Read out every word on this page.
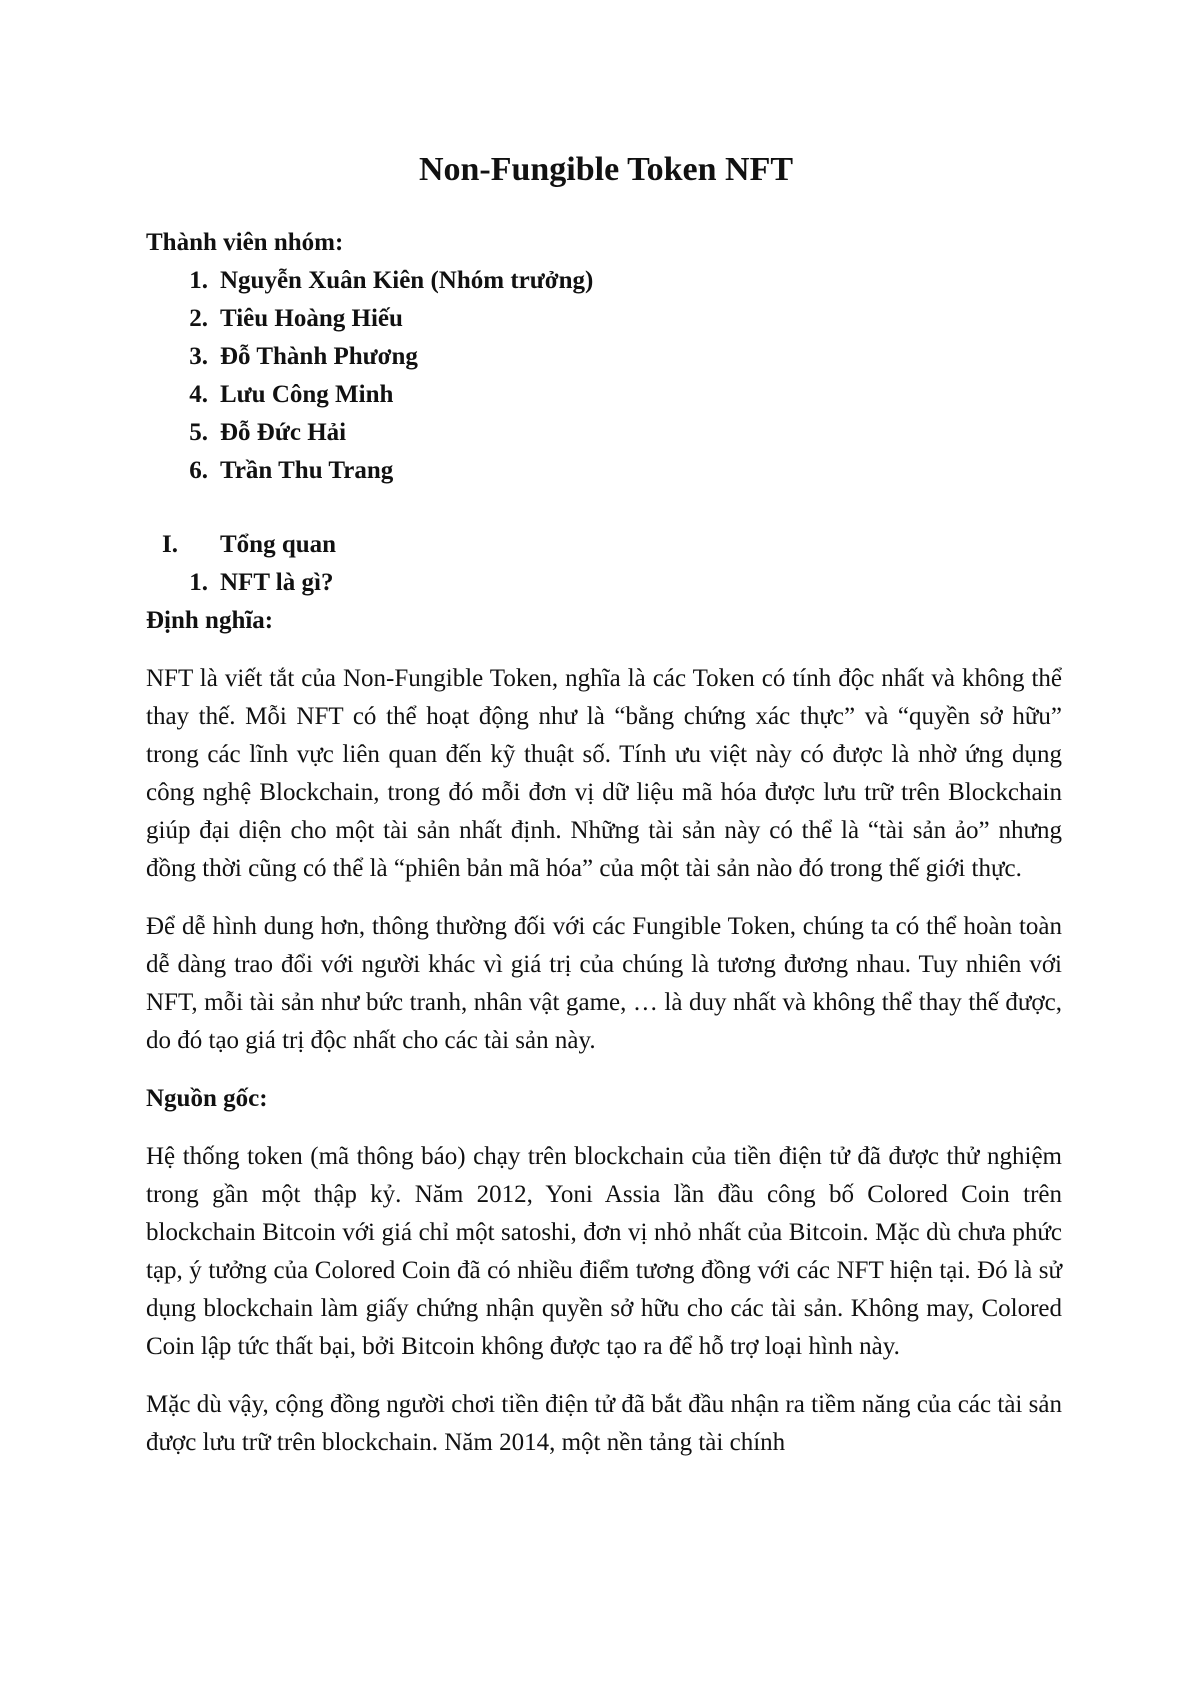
Non-Fungible Token NFT
Thành viên nhóm:
1. Nguyễn Xuân Kiên (Nhóm trưởng)
2. Tiêu Hoàng Hiếu
3. Đỗ Thành Phương
4. Lưu Công Minh
5. Đỗ Đức Hải
6. Trần Thu Trang
I.	Tổng quan
1. NFT là gì?
Định nghĩa:

NFT là viết tắt của Non-Fungible Token, nghĩa là các Token có tính độc nhất và không thể thay thế. Mỗi NFT có thể hoạt động như là “bằng chứng xác thực” và “quyền sở hữu” trong các lĩnh vực liên quan đến kỹ thuật số. Tính ưu việt này có được là nhờ ứng dụng công nghệ Blockchain, trong đó mỗi đơn vị dữ liệu mã hóa được lưu trữ trên Blockchain giúp đại diện cho một tài sản nhất định. Những tài sản này có thể là “tài sản ảo” nhưng đồng thời cũng có thể là “phiên bản mã hóa” của một tài sản nào đó trong thế giới thực.

Để dễ hình dung hơn, thông thường đối với các Fungible Token, chúng ta có thể hoàn toàn dễ dàng trao đổi với người khác vì giá trị của chúng là tương đương nhau. Tuy nhiên với NFT, mỗi tài sản như bức tranh, nhân vật game, … là duy nhất và không thể thay thế được, do đó tạo giá trị độc nhất cho các tài sản này.

Nguồn gốc:

Hệ thống token (mã thông báo) chạy trên blockchain của tiền điện tử đã được thử nghiệm trong gần một thập kỷ. Năm 2012, Yoni Assia lần đầu công bố Colored Coin trên blockchain Bitcoin với giá chỉ một satoshi, đơn vị nhỏ nhất của Bitcoin. Mặc dù chưa phức tạp, ý tưởng của Colored Coin đã có nhiều điểm tương đồng với các NFT hiện tại. Đó là sử dụng blockchain làm giấy chứng nhận quyền sở hữu cho các tài sản. Không may, Colored Coin lập tức thất bại, bởi Bitcoin không được tạo ra để hỗ trợ loại hình này.

Mặc dù vậy, cộng đồng người chơi tiền điện tử đã bắt đầu nhận ra tiềm năng của các tài sản được lưu trữ trên blockchain. Năm 2014, một nền tảng tài chính
